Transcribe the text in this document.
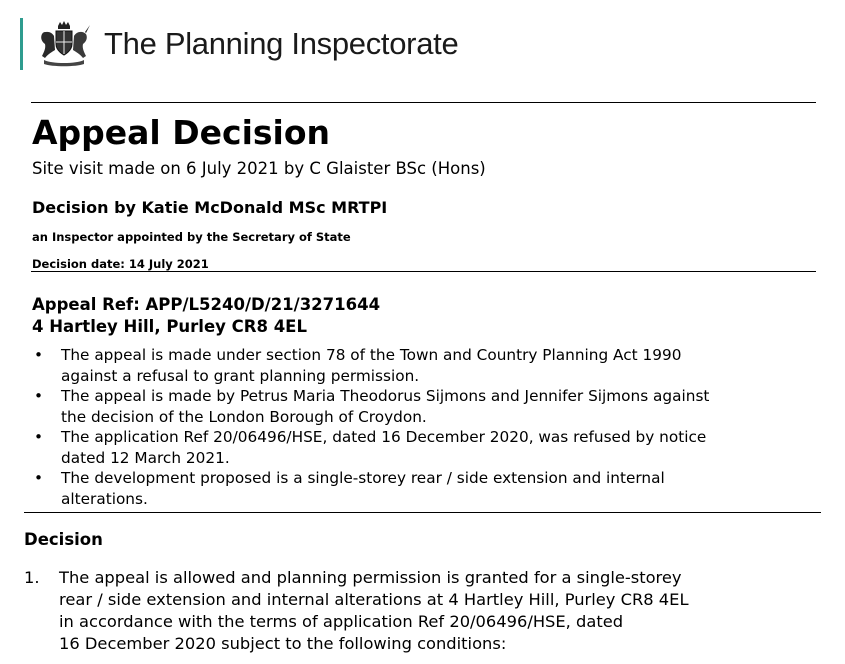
The Planning Inspectorate
Appeal Decision
Site visit made on 6 July 2021 by C Glaister BSc (Hons)
Decision by Katie McDonald MSc MRTPI
an Inspector appointed by the Secretary of State
Decision date: 14 July 2021
Appeal Ref: APP/L5240/D/21/3271644
4 Hartley Hill, Purley CR8 4EL
• The appeal is made under section 78 of the Town and Country Planning Act 1990
against a refusal to grant planning permission.
• The appeal is made by Petrus Maria Theodorus Sijmons and Jennifer Sijmons against
the decision of the London Borough of Croydon.
• The application Ref 20/06496/HSE, dated 16 December 2020, was refused by notice
dated 12 March 2021.
• The development proposed is a single-storey rear / side extension and internal
alterations.
Decision
1. The appeal is allowed and planning permission is granted for a single-storey
rear / side extension and internal alterations at 4 Hartley Hill, Purley CR8 4EL
in accordance with the terms of application Ref 20/06496/HSE, dated
16 December 2020 subject to the following conditions:
